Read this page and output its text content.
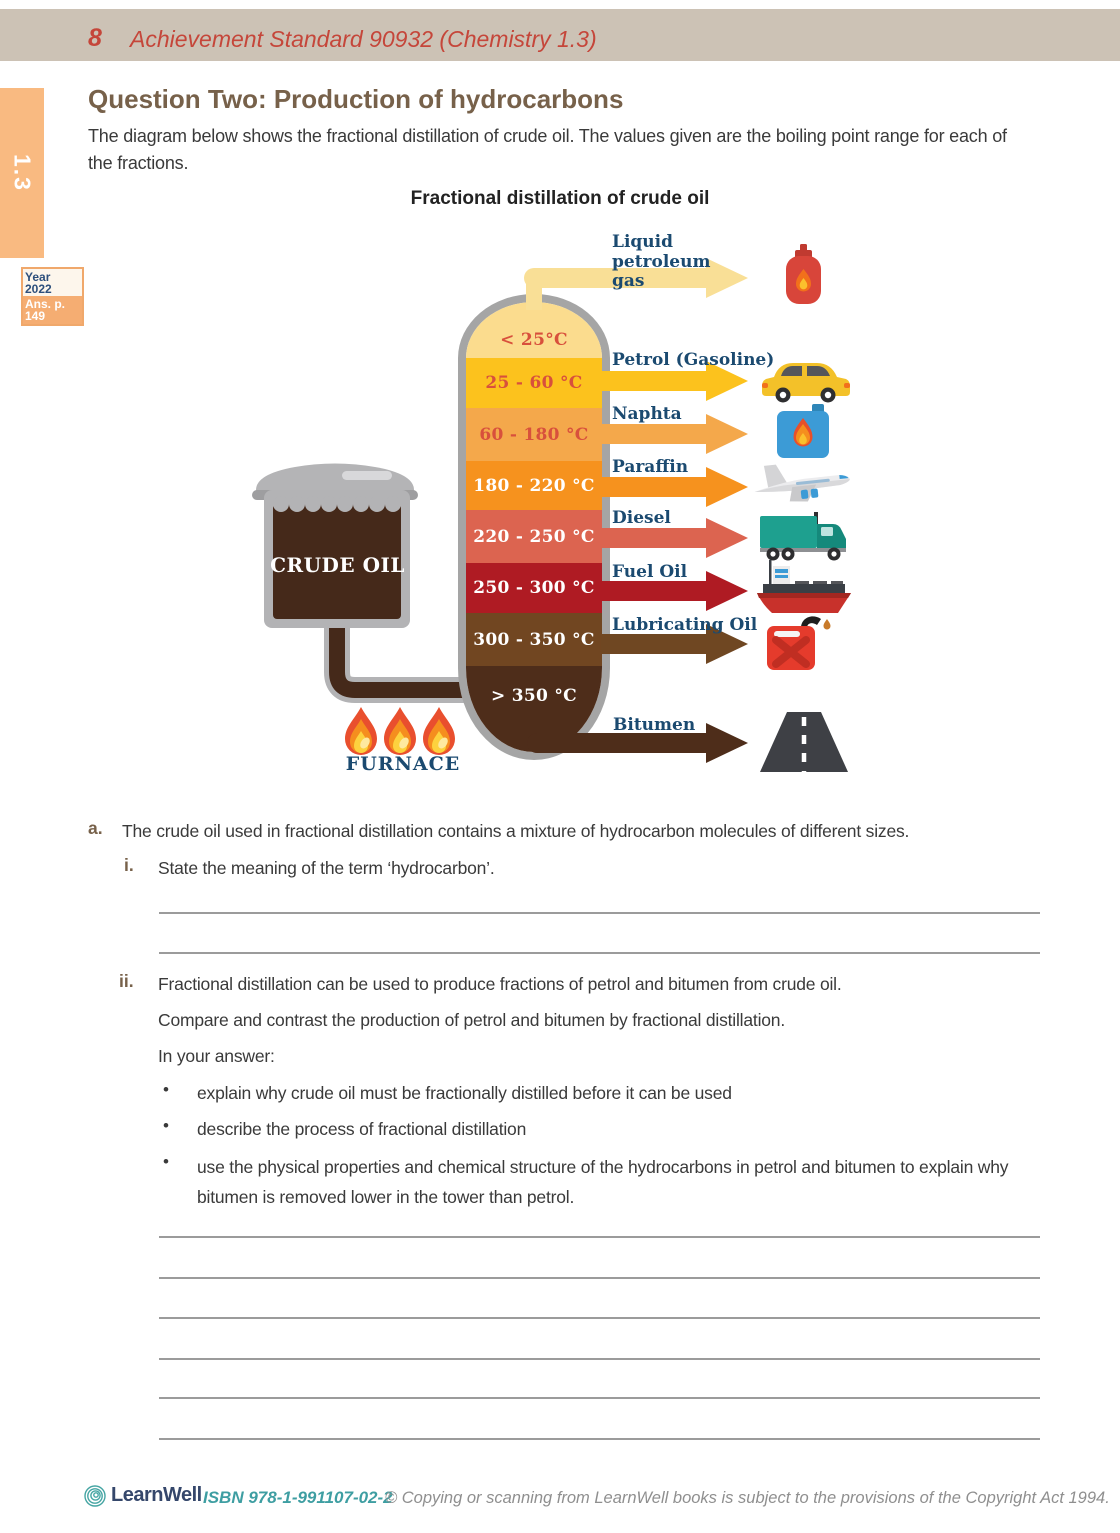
8 Achievement Standard 90932 (Chemistry 1.3)
1.3
Year 2022
Ans. p. 149
Question Two: Production of hydrocarbons
The diagram below shows the fractional distillation of crude oil. The values given are the boiling point range for each of the fractions.
Fractional distillation of crude oil
CRUDE OIL
FURNACE
< 25°C
25 - 60 °C
60 - 180 °C
180 - 220 °C
220 - 250 °C
250 - 300 °C
300 - 350 °C
> 350 °C
Liquid petroleum gas
Petrol (Gasoline)
Naphta
Paraffin
Diesel
Fuel Oil
Lubricating Oil
Bitumen
a. The crude oil used in fractional distillation contains a mixture of hydrocarbon molecules of different sizes.
i. State the meaning of the term ‘hydrocarbon’.
ii. Fractional distillation can be used to produce fractions of petrol and bitumen from crude oil.
Compare and contrast the production of petrol and bitumen by fractional distillation.
In your answer:
• explain why crude oil must be fractionally distilled before it can be used
• describe the process of fractional distillation
• use the physical properties and chemical structure of the hydrocarbons in petrol and bitumen to explain why bitumen is removed lower in the tower than petrol.
LearnWell ISBN 978-1-991107-02-2
© Copying or scanning from LearnWell books is subject to the provisions of the Copyright Act 1994.
